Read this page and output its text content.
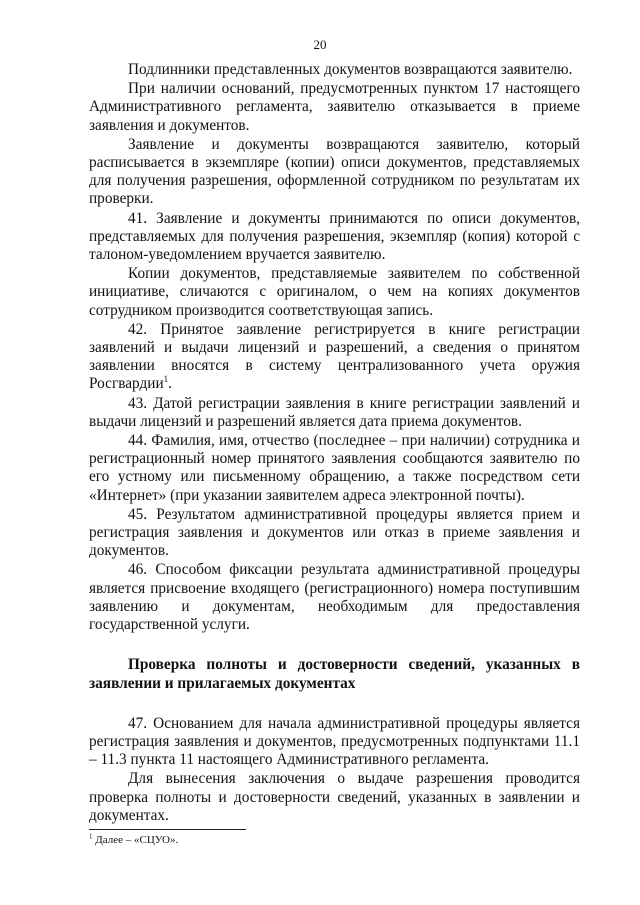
20

Подлинники представленных документов возвращаются заявителю.

При наличии оснований, предусмотренных пунктом 17 настоящего Административного регламента, заявителю отказывается в приеме заявления и документов.

Заявление и документы возвращаются заявителю, который расписывается в экземпляре (копии) описи документов, представляемых для получения разрешения, оформленной сотрудником по результатам их проверки.

41. Заявление и документы принимаются по описи документов, представляемых для получения разрешения, экземпляр (копия) которой с талоном-уведомлением вручается заявителю.

Копии документов, представляемые заявителем по собственной инициативе, сличаются с оригиналом, о чем на копиях документов сотрудником производится соответствующая запись.

42. Принятое заявление регистрируется в книге регистрации заявлений и выдачи лицензий и разрешений, а сведения о принятом заявлении вносятся в систему централизованного учета оружия Росгвардии$^1$.

43. Датой регистрации заявления в книге регистрации заявлений и выдачи лицензий и разрешений является дата приема документов.

44. Фамилия, имя, отчество (последнее – при наличии) сотрудника и регистрационный номер принятого заявления сообщаются заявителю по его устному или письменному обращению, а также посредством сети «Интернет» (при указании заявителем адреса электронной почты).

45. Результатом административной процедуры является прием и регистрация заявления и документов или отказ в приеме заявления и документов.

46. Способом фиксации результата административной процедуры является присвоение входящего (регистрационного) номера поступившим заявлению и документам, необходимым для предоставления государственной услуги.

Проверка полноты и достоверности сведений, указанных в заявлении и прилагаемых документах

47. Основанием для начала административной процедуры является регистрация заявления и документов, предусмотренных подпунктами 11.1 – 11.3 пункта 11 настоящего Административного регламента.

Для вынесения заключения о выдаче разрешения проводится проверка полноты и достоверности сведений, указанных в заявлении и документах.

$^1$ Далее – «СЦУО».
